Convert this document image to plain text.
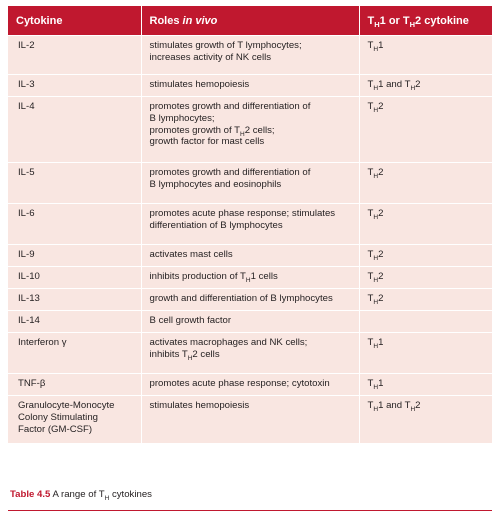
Cytokine	Roles in vivo	$T_H1$ or $T_H2$ cytokine

IL-2	stimulates growth of T lymphocytes;
increases activity of NK cells	$T_H1$

IL-3	stimulates hemopoiesis	$T_H1$ and $T_H2$

IL-4	promotes growth and differentiation of
B lymphocytes;
promotes growth of $T_H2$ cells;
growth factor for mast cells	$T_H2$

IL-5	promotes growth and differentiation of
B lymphocytes and eosinophils	$T_H2$

IL-6	promotes acute phase response; stimulates
differentiation of B lymphocytes	$T_H2$

IL-9	activates mast cells	$T_H2$

IL-10	inhibits production of $T_H1$ cells	$T_H2$

IL-13	growth and differentiation of B lymphocytes	$T_H2$

IL-14	B cell growth factor	

Interferon γ	activates macrophages and NK cells;
inhibits $T_H2$ cells	$T_H1$

TNF-β	promotes acute phase response; cytotoxin	$T_H1$

Granulocyte-Monocyte
Colony Stimulating
Factor (GM-CSF)	stimulates hemopoiesis	$T_H1$ and $T_H2$
Table 4.5 A range of $T_H$ cytokines
